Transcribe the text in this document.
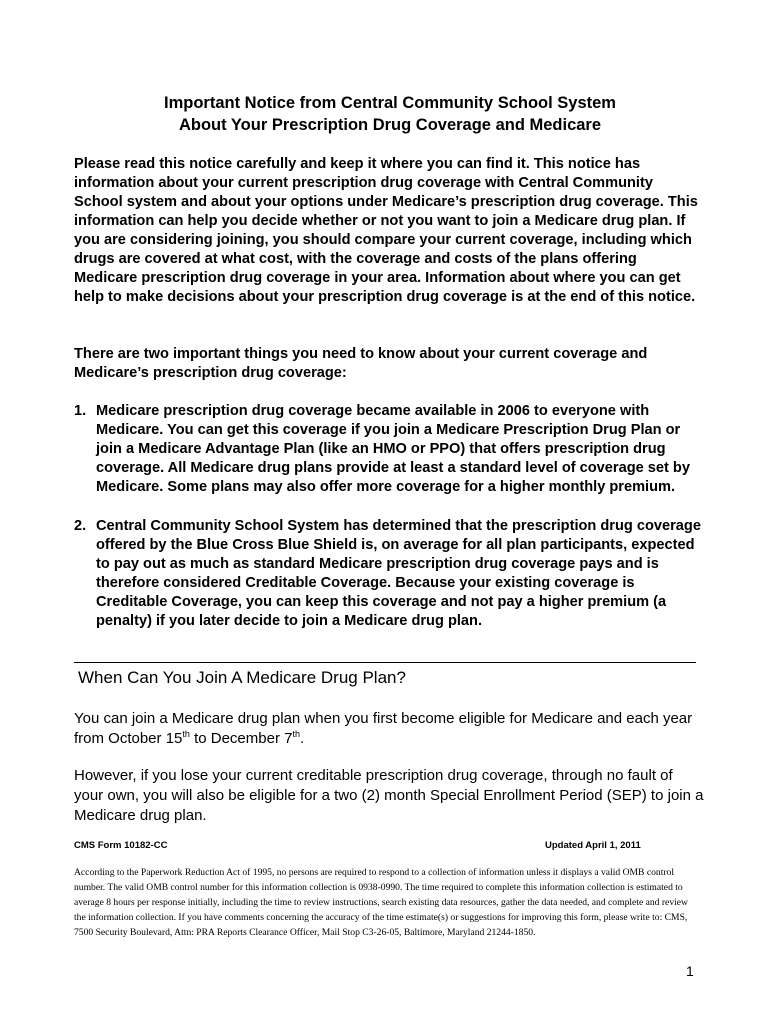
Important Notice from Central Community School System
About Your Prescription Drug Coverage and Medicare
Please read this notice carefully and keep it where you can find it. This notice has information about your current prescription drug coverage with Central Community School system and about your options under Medicare’s prescription drug coverage. This information can help you decide whether or not you want to join a Medicare drug plan. If you are considering joining, you should compare your current coverage, including which drugs are covered at what cost, with the coverage and costs of the plans offering Medicare prescription drug coverage in your area. Information about where you can get help to make decisions about your prescription drug coverage is at the end of this notice.
There are two important things you need to know about your current coverage and Medicare’s prescription drug coverage:
1. Medicare prescription drug coverage became available in 2006 to everyone with Medicare. You can get this coverage if you join a Medicare Prescription Drug Plan or join a Medicare Advantage Plan (like an HMO or PPO) that offers prescription drug coverage. All Medicare drug plans provide at least a standard level of coverage set by Medicare. Some plans may also offer more coverage for a higher monthly premium.
2. Central Community School System has determined that the prescription drug coverage offered by the Blue Cross Blue Shield is, on average for all plan participants, expected to pay out as much as standard Medicare prescription drug coverage pays and is therefore considered Creditable Coverage. Because your existing coverage is Creditable Coverage, you can keep this coverage and not pay a higher premium (a penalty) if you later decide to join a Medicare drug plan.
When Can You Join A Medicare Drug Plan?
You can join a Medicare drug plan when you first become eligible for Medicare and each year from October 15th to December 7th.
However, if you lose your current creditable prescription drug coverage, through no fault of your own, you will also be eligible for a two (2) month Special Enrollment Period (SEP) to join a Medicare drug plan.
CMS Form 10182-CC	Updated April 1, 2011
According to the Paperwork Reduction Act of 1995, no persons are required to respond to a collection of information unless it displays a valid OMB control number. The valid OMB control number for this information collection is 0938-0990. The time required to complete this information collection is estimated to average 8 hours per response initially, including the time to review instructions, search existing data resources, gather the data needed, and complete and review the information collection. If you have comments concerning the accuracy of the time estimate(s) or suggestions for improving this form, please write to: CMS, 7500 Security Boulevard, Attn: PRA Reports Clearance Officer, Mail Stop C3-26-05, Baltimore, Maryland 21244-1850.
1
